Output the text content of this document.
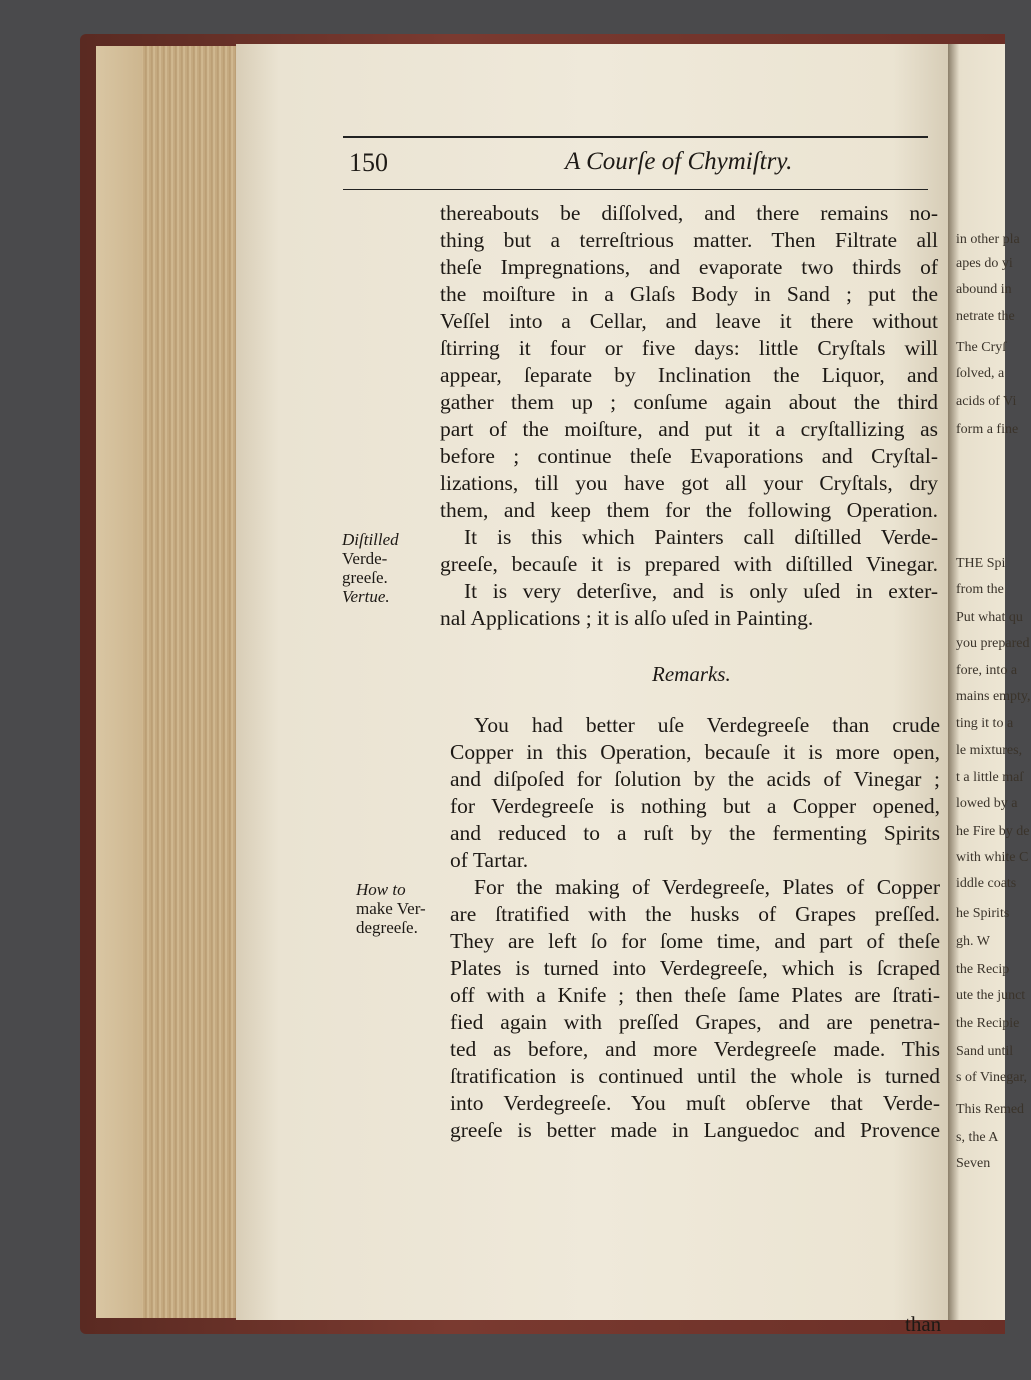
in other pla
apes do yi
abound in
netrate the
The Cryſ
ſolved, a
acids of Vi
form a fine
THE Spi
from the
Put what qu
you prepared
fore, into a
mains empty,
ting it to a
le mixtures,
t a little maſ
lowed by a
he Fire by de
with white C
iddle coats
he Spirits
gh. W
the Recip
ute the junct
the Recipie
Sand until
s of Vinegar,
This Remed
s, the A
Seven
150	A Courſe of Chymiſtry.
thereabouts be diſſolved, and there remains no-
thing but a terreſtrious matter. Then Filtrate all
theſe Impregnations, and evaporate two thirds of
the moiſture in a Glaſs Body in Sand ; put the
Veſſel into a Cellar, and leave it there without
ſtirring it four or five days: little Cryſtals will
appear, ſeparate by Inclination the Liquor, and
gather them up ; conſume again about the third
part of the moiſture, and put it a cryſtallizing as
before ; continue theſe Evaporations and Cryſtal-
lizations, till you have got all your Cryſtals, dry
them, and keep them for the following Operation.
It is this which Painters call diſtilled Verde-
greeſe, becauſe it is prepared with diſtilled Vinegar.
It is very deterſive, and is only uſed in exter-
nal Applications ; it is alſo uſed in Painting.
Diſtilled
Verde-
greeſe.
Vertue.
Remarks.
You had better uſe Verdegreeſe than crude
Copper in this Operation, becauſe it is more open,
and diſpoſed for ſolution by the acids of Vinegar ;
for Verdegreeſe is nothing but a Copper opened,
and reduced to a ruſt by the fermenting Spirits
of Tartar.
For the making of Verdegreeſe, Plates of Copper
are ſtratified with the husks of Grapes preſſed.
They are left ſo for ſome time, and part of theſe
Plates is turned into Verdegreeſe, which is ſcraped
off with a Knife ; then theſe ſame Plates are ſtrati-
fied again with preſſed Grapes, and are penetra-
ted as before, and more Verdegreeſe made. This
ſtratification is continued until the whole is turned
into Verdegreeſe. You muſt obſerve that Verde-
greeſe is better made in Languedoc and Provence
How to
make Ver-
degreeſe.
than
